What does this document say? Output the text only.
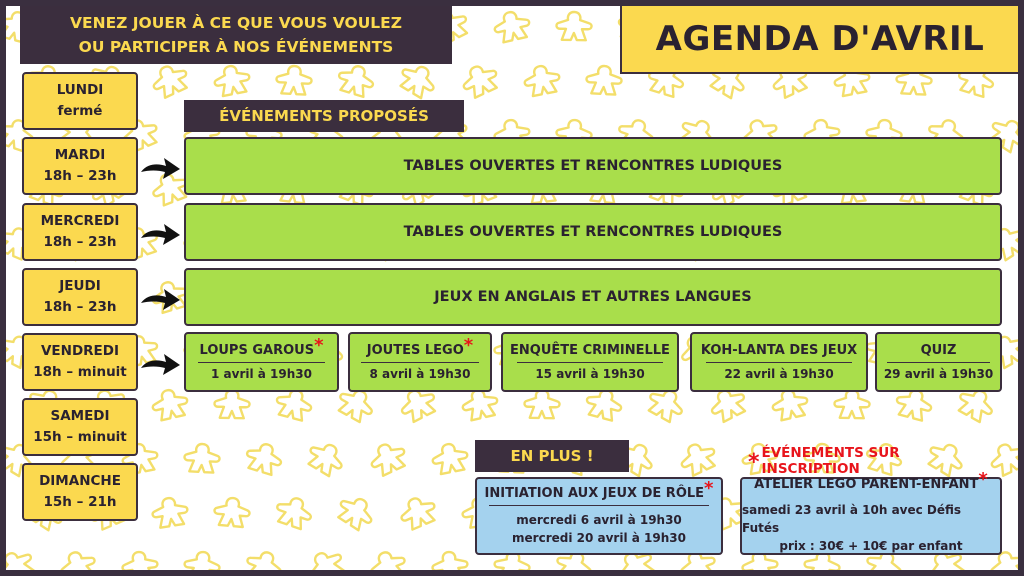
VENEZ JOUER À CE QUE VOUS VOULEZ
OU PARTICIPER À NOS ÉVÉNEMENTS	AGENDA D'AVRIL
LUNDI
fermé
MARDI
18h – 23h
MERCREDI
18h – 23h
JEUDI
18h – 23h
VENDREDI
18h – minuit
SAMEDI
15h – minuit
DIMANCHE
15h – 21h
ÉVÉNEMENTS PROPOSÉS
TABLES OUVERTES ET RENCONTRES LUDIQUES
TABLES OUVERTES ET RENCONTRES LUDIQUES
JEUX EN ANGLAIS ET AUTRES LANGUES
LOUPS GAROUS*
1 avril à 19h30
JOUTES LEGO*
8 avril à 19h30
ENQUÊTE CRIMINELLE
15 avril à 19h30
KOH-LANTA DES JEUX
22 avril à 19h30
QUIZ
29 avril à 19h30
EN PLUS !	* ÉVÉNEMENTS SUR INSCRIPTION
INITIATION AUX JEUX DE RÔLE*
mercredi 6 avril à 19h30
mercredi 20 avril à 19h30
ATELIER LEGO PARENT-ENFANT*
samedi 23 avril à 10h avec Défis Futés
prix : 30€ + 10€ par enfant
